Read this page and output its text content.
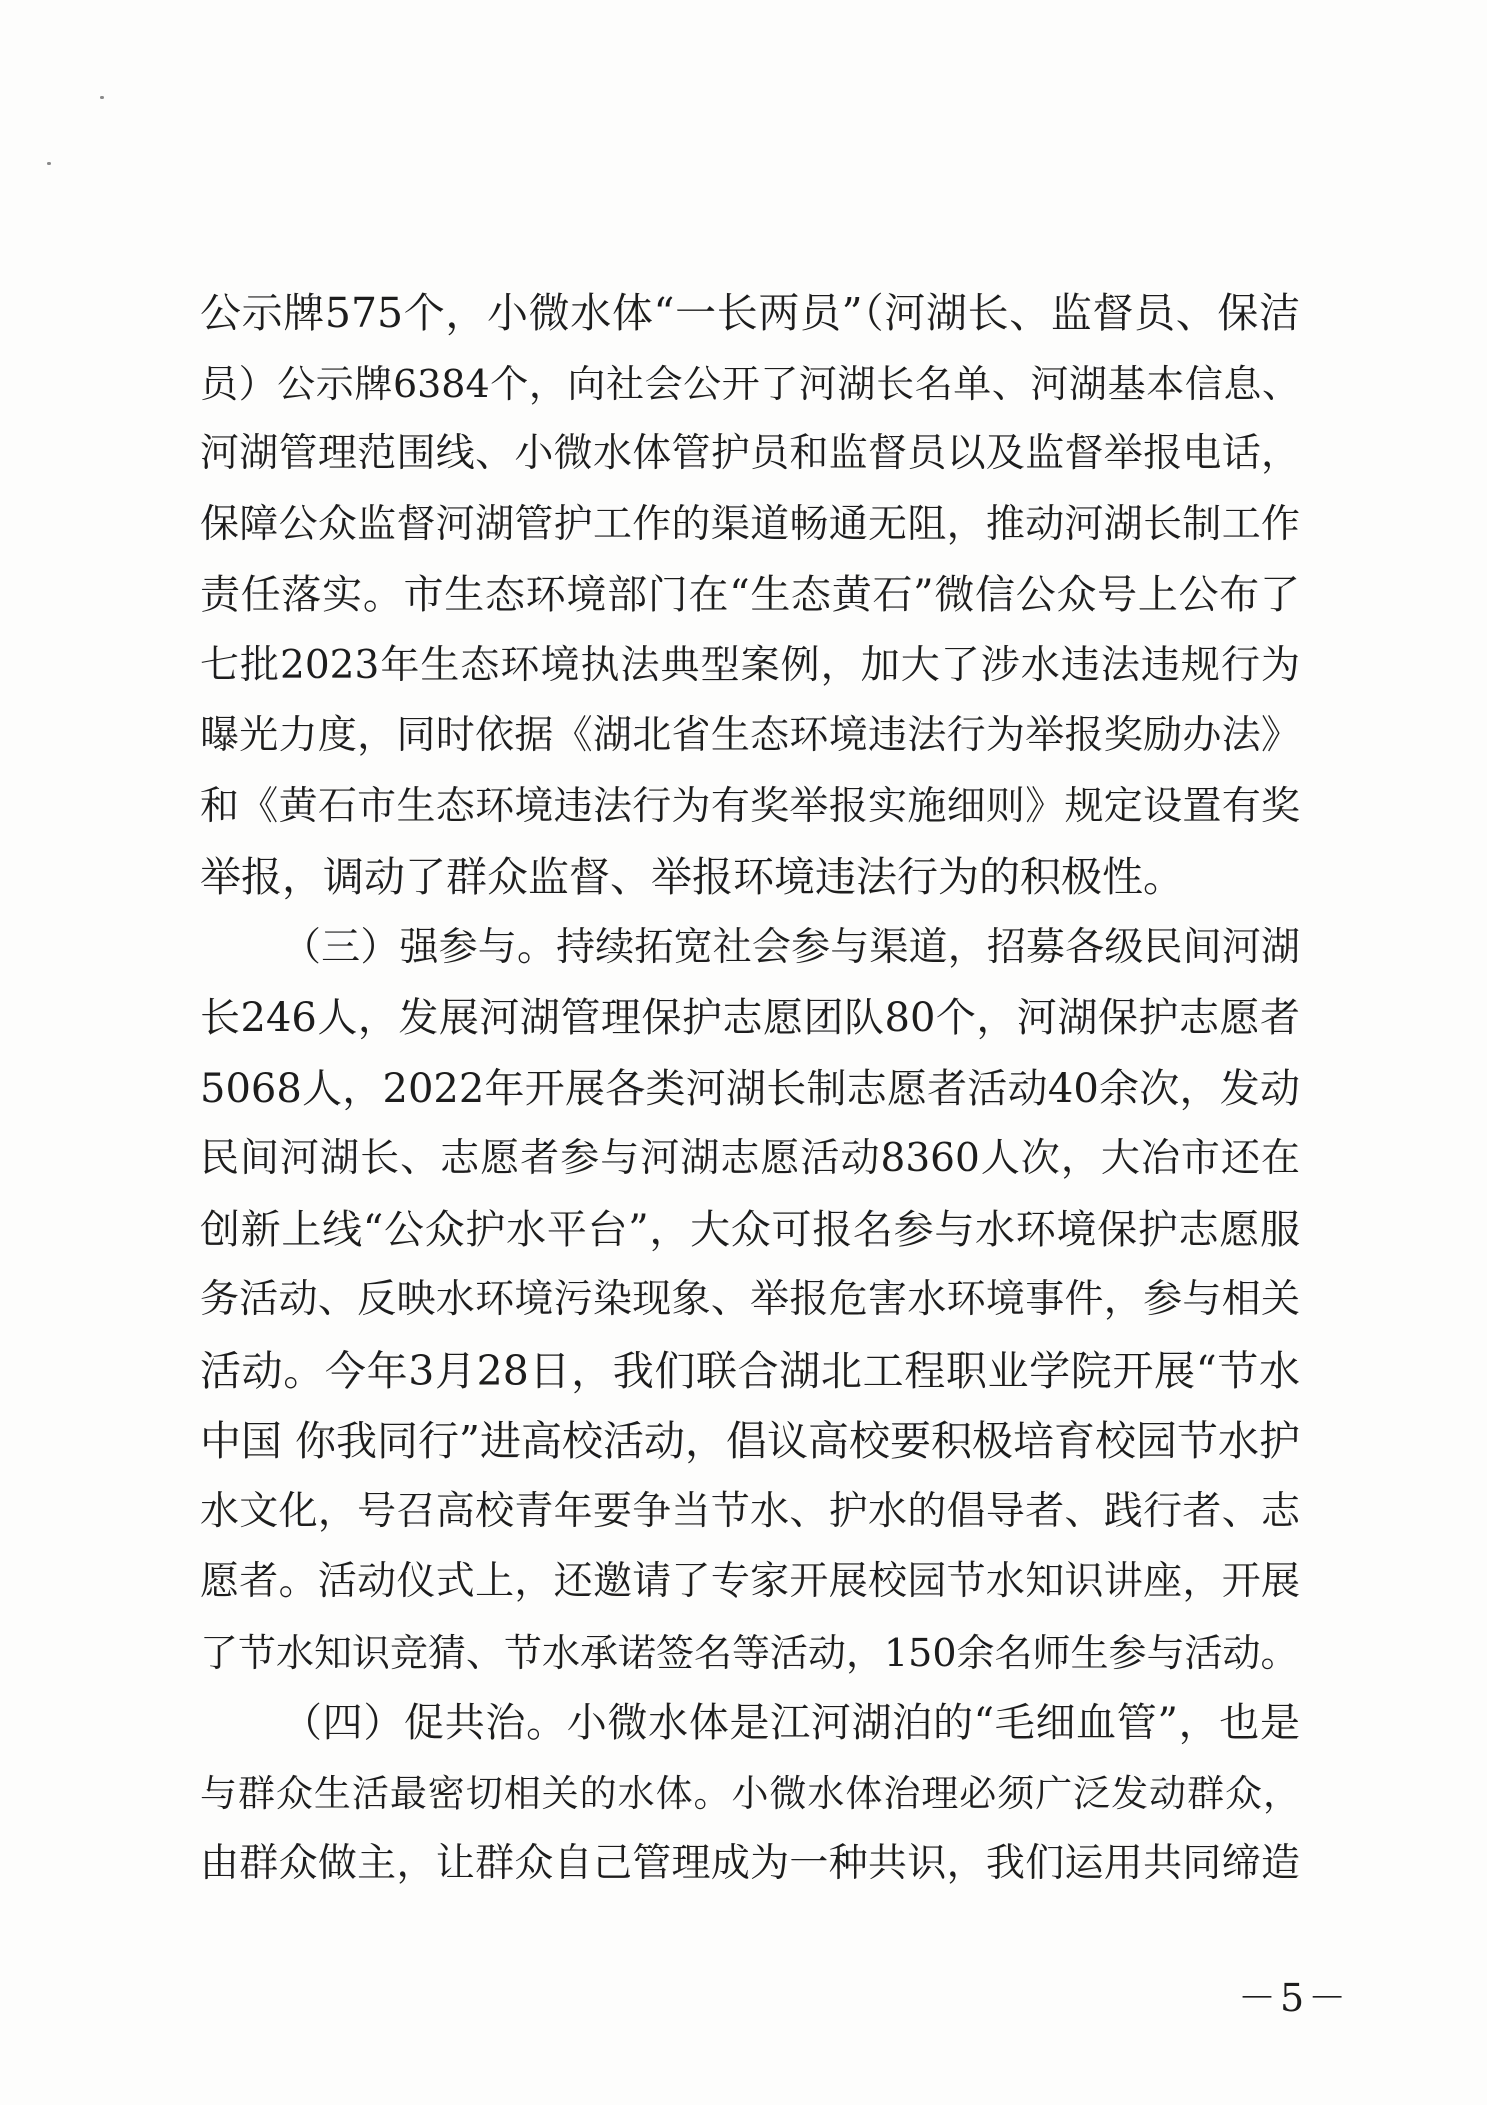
公示牌575个，小微水体“一长两员”（河湖长、监督员、保洁
员）公示牌6384个，向社会公开了河湖长名单、河湖基本信息、
河湖管理范围线、小微水体管护员和监督员以及监督举报电话，
保障公众监督河湖管护工作的渠道畅通无阻，推动河湖长制工作
责任落实。市生态环境部门在“生态黄石”微信公众号上公布了
七批2023年生态环境执法典型案例，加大了涉水违法违规行为
曝光力度，同时依据《湖北省生态环境违法行为举报奖励办法》
和《黄石市生态环境违法行为有奖举报实施细则》规定设置有奖
举报，调动了群众监督、举报环境违法行为的积极性。
（三）强参与。持续拓宽社会参与渠道，招募各级民间河湖
长246人，发展河湖管理保护志愿团队80个，河湖保护志愿者
5068人，2022年开展各类河湖长制志愿者活动40余次，发动
民间河湖长、志愿者参与河湖志愿活动8360人次，大冶市还在
创新上线“公众护水平台”，大众可报名参与水环境保护志愿服
务活动、反映水环境污染现象、举报危害水环境事件，参与相关
活动。今年3月28日，我们联合湖北工程职业学院开展“节水
中国 你我同行”进高校活动，倡议高校要积极培育校园节水护
水文化，号召高校青年要争当节水、护水的倡导者、践行者、志
愿者。活动仪式上，还邀请了专家开展校园节水知识讲座，开展
了节水知识竞猜、节水承诺签名等活动，150余名师生参与活动。
（四）促共治。小微水体是江河湖泊的“毛细血管”，也是
与群众生活最密切相关的水体。小微水体治理必须广泛发动群众，
由群众做主，让群众自己管理成为一种共识，我们运用共同缔造
－5－
